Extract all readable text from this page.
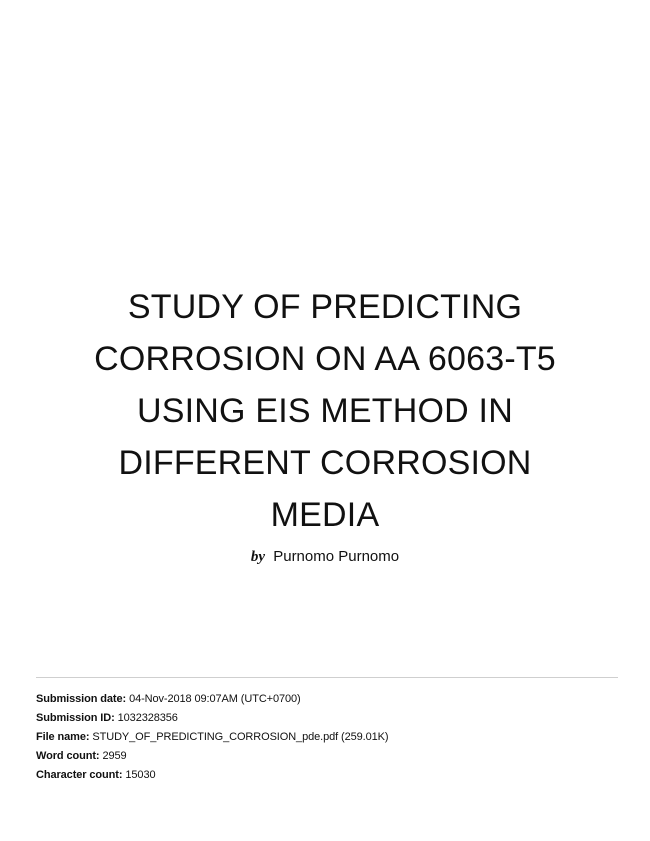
STUDY OF PREDICTING
CORROSION ON AA 6063-T5
USING EIS METHOD IN
DIFFERENT CORROSION
MEDIA
by Purnomo Purnomo
Submission date: 04-Nov-2018 09:07AM (UTC+0700)
Submission ID: 1032328356
File name: STUDY_OF_PREDICTING_CORROSION_pde.pdf (259.01K)
Word count: 2959
Character count: 15030
